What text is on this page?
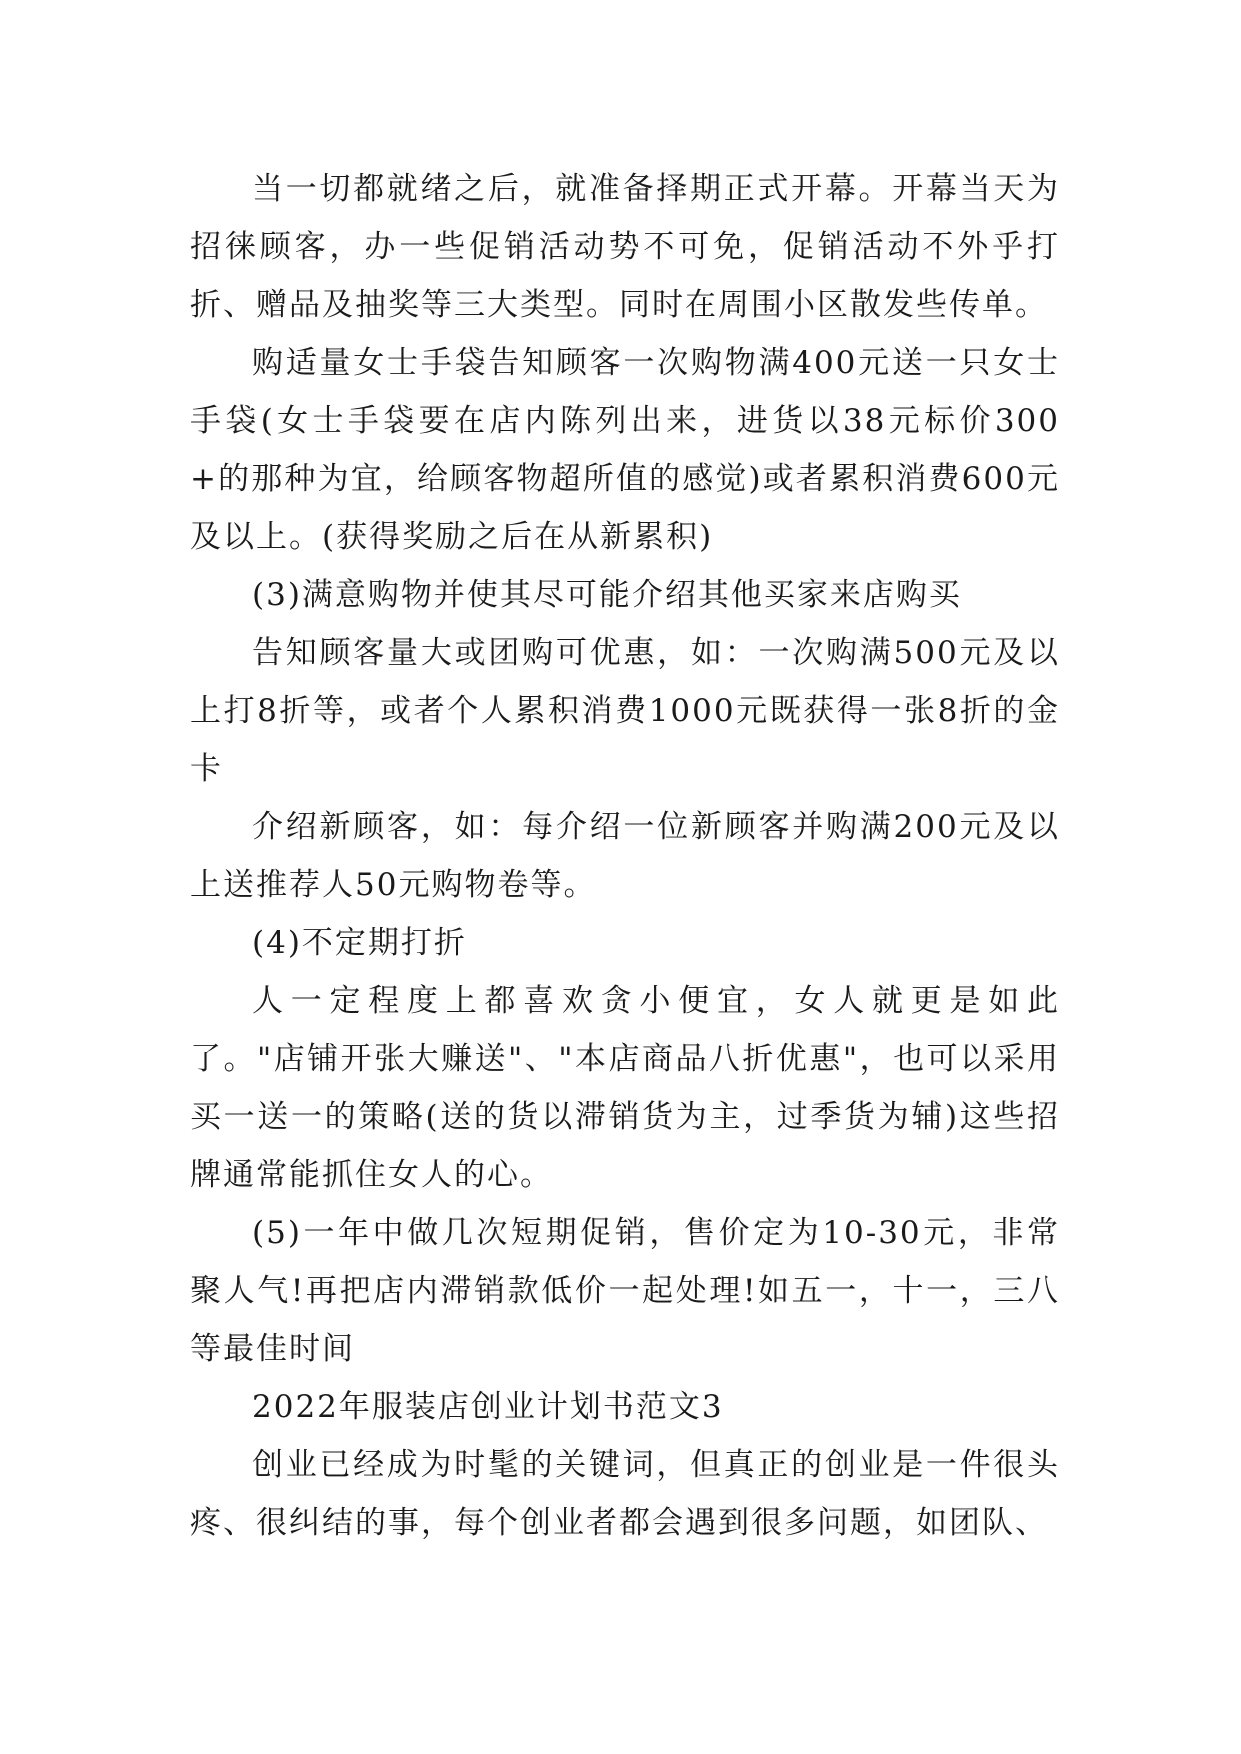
当一切都就绪之后，就准备择期正式开幕。开幕当天为招徕顾客，办一些促销活动势不可免，促销活动不外乎打折、赠品及抽奖等三大类型。同时在周围小区散发些传单。

购适量女士手袋告知顾客一次购物满400元送一只女士手袋(女士手袋要在店内陈列出来，进货以38元标价300+的那种为宜，给顾客物超所值的感觉)或者累积消费600元及以上。(获得奖励之后在从新累积)

(3)满意购物并使其尽可能介绍其他买家来店购买

告知顾客量大或团购可优惠，如：一次购满500元及以上打8折等，或者个人累积消费1000元既获得一张8折的金卡

介绍新顾客，如：每介绍一位新顾客并购满200元及以上送推荐人50元购物卷等。

(4)不定期打折

人一定程度上都喜欢贪小便宜，女人就更是如此了。"店铺开张大赚送"、"本店商品八折优惠"，也可以采用买一送一的策略(送的货以滞销货为主，过季货为辅)这些招牌通常能抓住女人的心。

(5)一年中做几次短期促销，售价定为10-30元，非常聚人气!再把店内滞销款低价一起处理!如五一，十一，三八等最佳时间

2022年服装店创业计划书范文3

创业已经成为时髦的关键词，但真正的创业是一件很头疼、很纠结的事，每个创业者都会遇到很多问题，如团队、
